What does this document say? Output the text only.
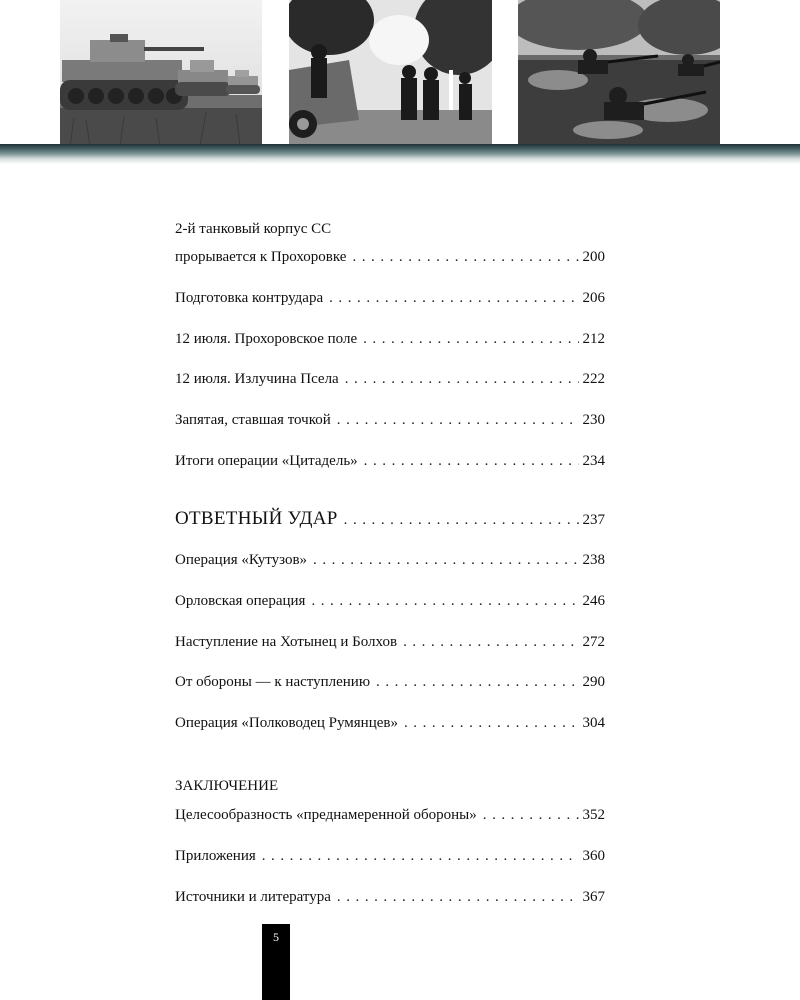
2-й танковый корпус СС
прорывается к Прохоровке . . .	200
Подготовка контрудара . . .	206
12 июля. Прохоровское поле . . .	212
12 июля. Излучина Псела . . .	222
Запятая, ставшая точкой . . .	230
Итоги операции «Цитадель» . . .	234
ОТВЕТНЫЙ УДАР . . .	237
Операция «Кутузов» . . .	238
Орловская операция . . .	246
Наступление на Хотынец и Болхов . . .	272
От обороны — к наступлению . . .	290
Операция «Полководец Румянцев» . . .	304
ЗАКЛЮЧЕНИЕ
Целесообразность «преднамеренной обороны» . . .	352
Приложения . . .	360
Источники и литература . . .	367
5
